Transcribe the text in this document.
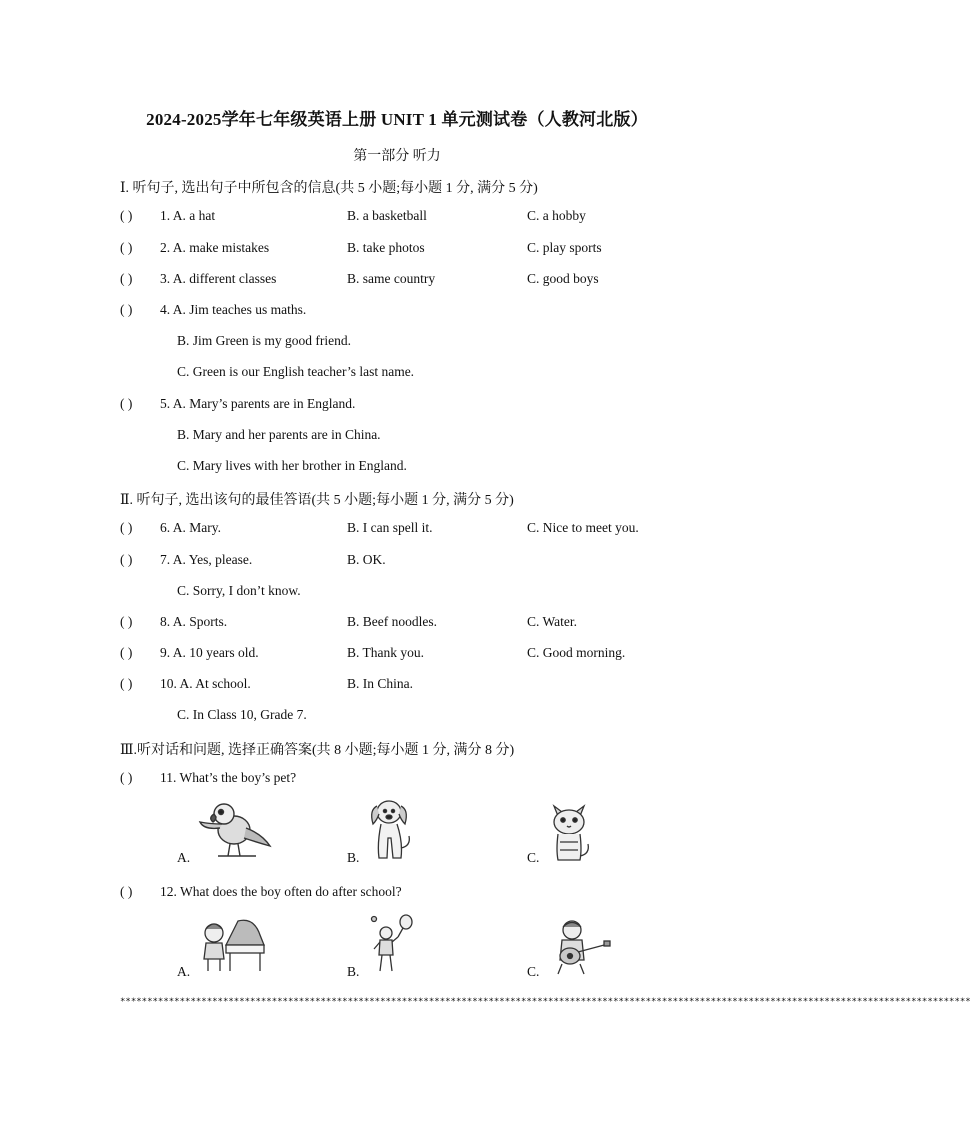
2024-2025学年七年级英语上册 UNIT 1 单元测试卷（人教河北版）
第一部分 听力
Ⅰ. 听句子, 选出句子中所包含的信息(共 5 小题;每小题 1 分, 满分 5 分)
( ) 1. A. a hat	B. a basketball	C. a hobby
( ) 2. A. make mistakes	B. take photos	C. play sports
( ) 3. A. different classes	B. same country	C. good boys
( ) 4. A. Jim teaches us maths.
B. Jim Green is my good friend.
C. Green is our English teacher’s last name.
( ) 5. A. Mary’s parents are in England.
B. Mary and her parents are in China.
C. Mary lives with her brother in England.
Ⅱ. 听句子, 选出该句的最佳答语(共 5 小题;每小题 1 分, 满分 5 分)
( ) 6. A. Mary.	B. I can spell it.	C. Nice to meet you.
( ) 7. A. Yes, please.	B. OK.
C. Sorry, I don’t know.
( ) 8. A. Sports.	B. Beef noodles.	C. Water.
( ) 9. A. 10 years old.	B. Thank you.	C. Good morning.
( ) 10. A. At school.	B. In China.
C. In Class 10, Grade 7.
Ⅲ.听对话和问题, 选择正确答案(共 8 小题;每小题 1 分, 满分 8 分)
( ) 11. What’s the boy’s pet?
A.	B.	C.
( ) 12. What does the boy often do after school?
A.	B.	C.
*************************************************************************************************************************************************************
